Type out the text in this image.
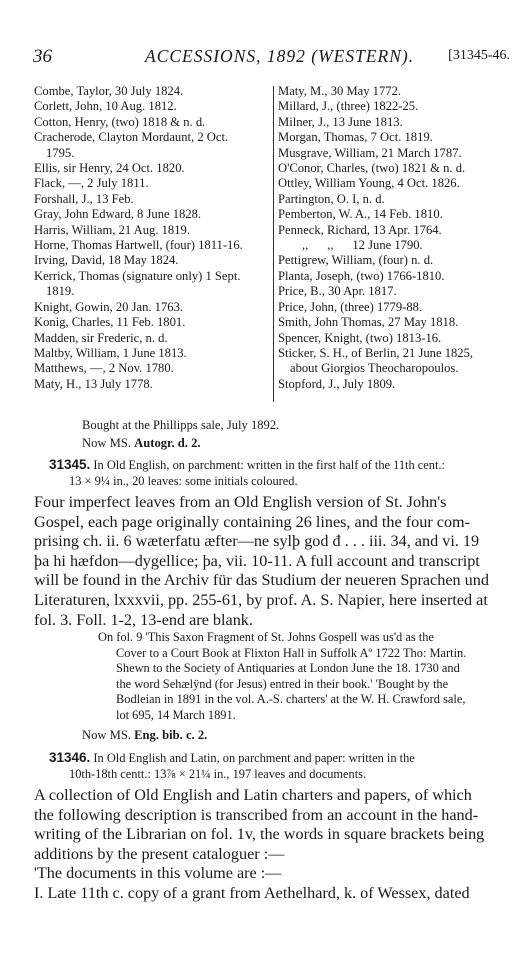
36	ACCESSIONS, 1892 (WESTERN). [31345-46.
Combe, Taylor, 30 July 1824.
Corlett, John, 10 Aug. 1812.
Cotton, Henry, (two) 1818 & n. d.
Cracherode, Clayton Mordaunt, 2 Oct.
1795.
Ellis, sir Henry, 24 Oct. 1820.
Flack, —, 2 July 1811.
Forshall, J., 13 Feb.
Gray, John Edward, 8 June 1828.
Harris, William, 21 Aug. 1819.
Horne, Thomas Hartwell, (four) 1811-16.
Irving, David, 18 May 1824.
Kerrick, Thomas (signature only) 1 Sept.
1819.
Knight, Gowin, 20 Jan. 1763.
Konig, Charles, 11 Feb. 1801.
Madden, sir Frederic, n. d.
Maltby, William, 1 June 1813.
Matthews, —, 2 Nov. 1780.
Maty, H., 13 July 1778.
Maty, M., 30 May 1772.
Millard, J., (three) 1822-25.
Milner, J., 13 June 1813.
Morgan, Thomas, 7 Oct. 1819.
Musgrave, William, 21 March 1787.
O'Conor, Charles, (two) 1821 & n. d.
Ottley, William Young, 4 Oct. 1826.
Partington, O. I, n. d.
Pemberton, W. A., 14 Feb. 1810.
Penneck, Richard, 13 Apr. 1764.
,,      ,,      12 June 1790.
Pettigrew, William, (four) n. d.
Planta, Joseph, (two) 1766-1810.
Price, B., 30 Apr. 1817.
Price, John, (three) 1779-88.
Smith, John Thomas, 27 May 1818.
Spencer, Knight, (two) 1813-16.
Sticker, S. H., of Berlin, 21 June 1825,
about Giorgios Theocharopoulos.
Stopford, J., July 1809.
Bought at the Phillipps sale, July 1892.
Now MS. Autogr. d. 2.
31345. In Old English, on parchment: written in the first half of the 11th cent.:
13 × 9¼ in., 20 leaves: some initials coloured.
Four imperfect leaves from an Old English version of St. John's
Gospel, each page originally containing 26 lines, and the four com-
prising ch. ii. 6 wæterfatu æfter—ne sylþ god đ . . . iii. 34, and vi. 19
þa hi hæfdon—dygellice; þa, vii. 10-11. A full account and transcript
will be found in the Archiv für das Studium der neueren Sprachen und
Literaturen, lxxxvii, pp. 255-61, by prof. A. S. Napier, here inserted at
fol. 3. Foll. 1-2, 13-end are blank.
On fol. 9 'This Saxon Fragment of St. Johns Gospell was us'd as the
Cover to a Court Book at Flixton Hall in Suffolk Aº 1722 Tho: Martin.
Shewn to the Society of Antiquaries at London June the 18. 1730 and
the word Sehælÿnd (for Jesus) entred in their book.' 'Bought by the
Bodleian in 1891 in the vol. A.-S. charters' at the W. H. Crawford sale,
lot 695, 14 March 1891.
Now MS. Eng. bib. c. 2.
31346. In Old English and Latin, on parchment and paper: written in the
10th-18th centt.: 13⅞ × 21¼ in., 197 leaves and documents.
A collection of Old English and Latin charters and papers, of which
the following description is transcribed from an account in the hand-
writing of the Librarian on fol. 1v, the words in square brackets being
additions by the present cataloguer :—
'The documents in this volume are :—
I. Late 11th c. copy of a grant from Aethelhard, k. of Wessex, dated
